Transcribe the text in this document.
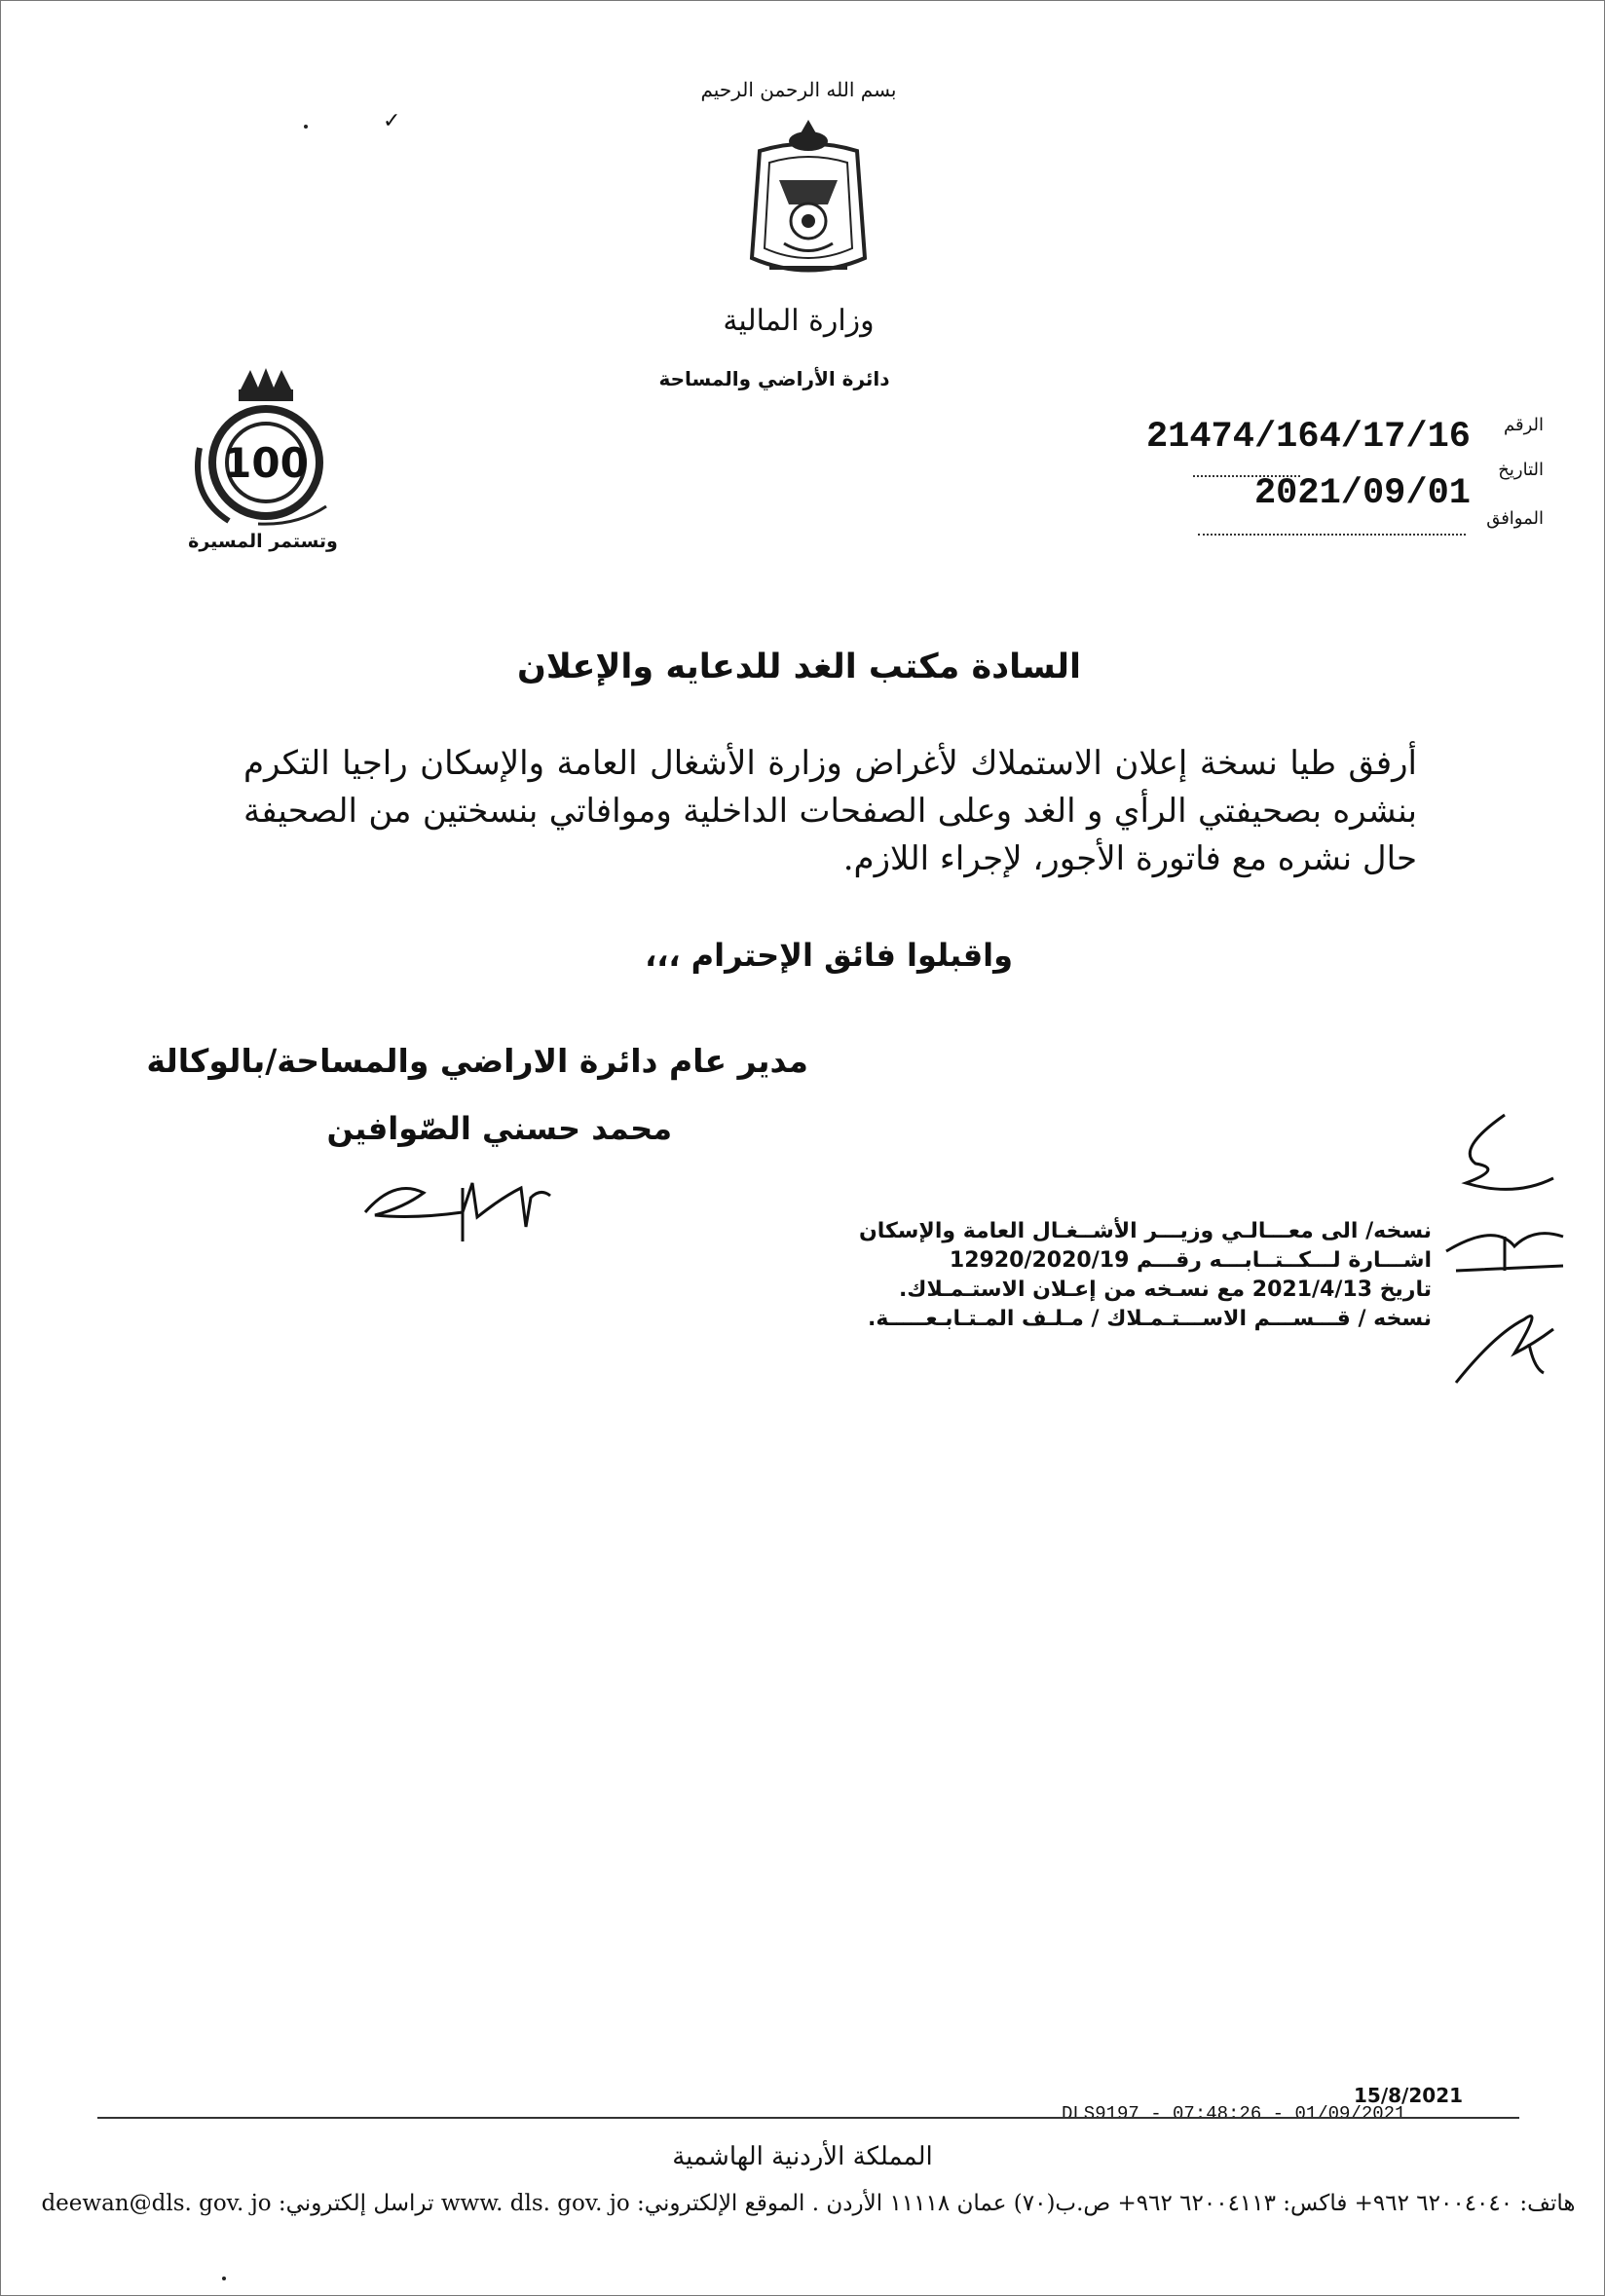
✓
بسم الله الرحمن الرحيم
وزارة المالية
دائرة الأراضي والمساحة
100
وتستمر المسيرة
الرقم
21474/164/17/16
التاريخ
2021/09/01
الموافق
السادة مكتب الغد للدعايه والإعلان
أرفق طيا نسخة إعلان الاستملاك لأغراض وزارة الأشغال العامة والإسكان راجيا التكرم بنشره بصحيفتي الرأي و الغد وعلى الصفحات الداخلية وموافاتي بنسختين من الصحيفة حال نشره مع فاتورة الأجور، لإجراء اللازم.
واقبلوا فائق الإحترام ،،،
مدير عام دائرة الاراضي والمساحة/بالوكالة
محمد حسني الصّوافين
نسخه/ الى معـــالـي وزيـــر الأشــغـال العامة والإسكان
اشـــارة لـــكــتــابـــه رقـــم 12920/2020/19
تاريخ 2021/4/13 مع نسـخه من إعـلان الاستـمـلاك.
نسخه / قـــســـم الاســـتـمـلاك / مـلـف المـتـابـعـــــة.
15/8/2021
DLS9197 - 07:48:26 - 01/09/2021
المملكة الأردنية الهاشمية
هاتف: ٦٢٠٠٤٠٤٠ ٩٦٢+ فاكس: ٦٢٠٠٤١١٣ ٩٦٢+ ص.ب(٧٠) عمان ١١١١٨ الأردن . الموقع الإلكتروني: www. dls. gov. jo تراسل إلكتروني: deewan@dls. gov. jo
